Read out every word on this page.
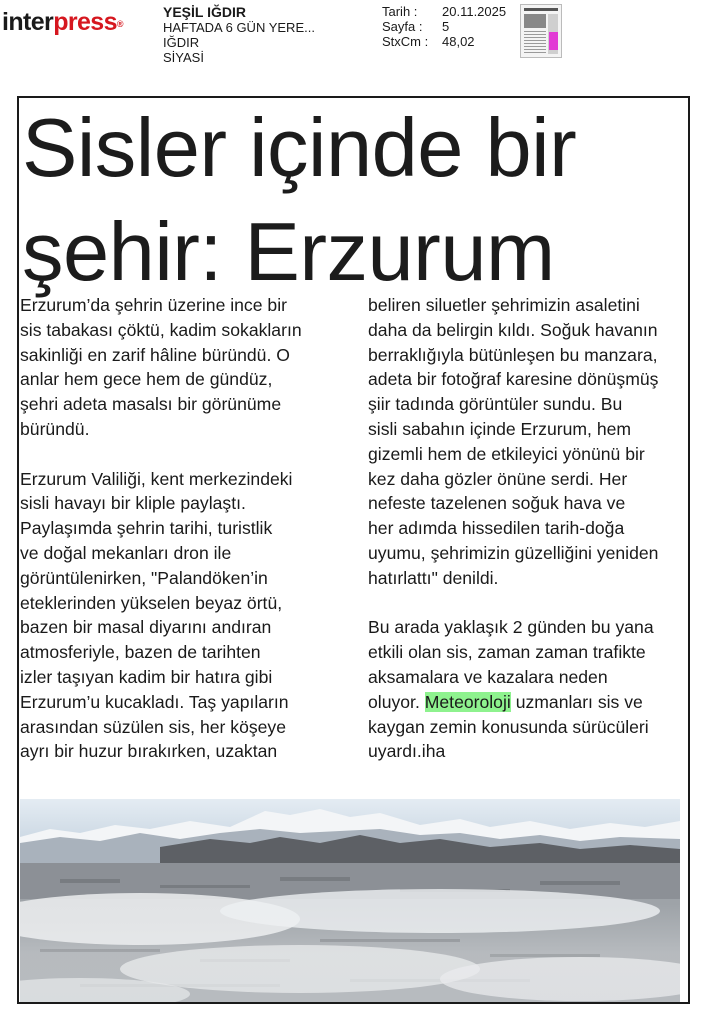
interpress®
YEŞİL IĞDIR
HAFTADA 6 GÜN YERE...
IĞDIR
SİYASİ
Tarih :	20.11.2025
Sayfa :	5
StxCm :	48,02
Sisler içinde bir
şehir: Erzurum

Erzurum’da şehrin üzerine ince bir
sis tabakası çöktü, kadim sokakların
sakinliği en zarif hâline büründü. O
anlar hem gece hem de gündüz,
şehri adeta masalsı bir görünüme
büründü.

Erzurum Valiliği, kent merkezindeki
sisli havayı bir kliple paylaştı.
Paylaşımda şehrin tarihi, turistlik
ve doğal mekanları dron ile
görüntülenirken, "Palandöken’in
eteklerinden yükselen beyaz örtü,
bazen bir masal diyarını andıran
atmosferiyle, bazen de tarihten
izler taşıyan kadim bir hatıra gibi
Erzurum’u kucakladı. Taş yapıların
arasından süzülen sis, her köşeye
ayrı bir huzur bırakırken, uzaktan

beliren siluetler şehrimizin asaletini
daha da belirgin kıldı. Soğuk havanın
berraklığıyla bütünleşen bu manzara,
adeta bir fotoğraf karesine dönüşmüş
şiir tadında görüntüler sundu. Bu
sisli sabahın içinde Erzurum, hem
gizemli hem de etkileyici yönünü bir
kez daha gözler önüne serdi. Her
nefeste tazelenen soğuk hava ve
her adımda hissedilen tarih-doğa
uyumu, şehrimizin güzelliğini yeniden
hatırlattı" denildi.

Bu arada yaklaşık 2 günden bu yana
etkili olan sis, zaman zaman trafikte
aksamalara ve kazalara neden
oluyor. Meteoroloji uzmanları sis ve
kaygan zemin konusunda sürücüleri
uyardı.iha
